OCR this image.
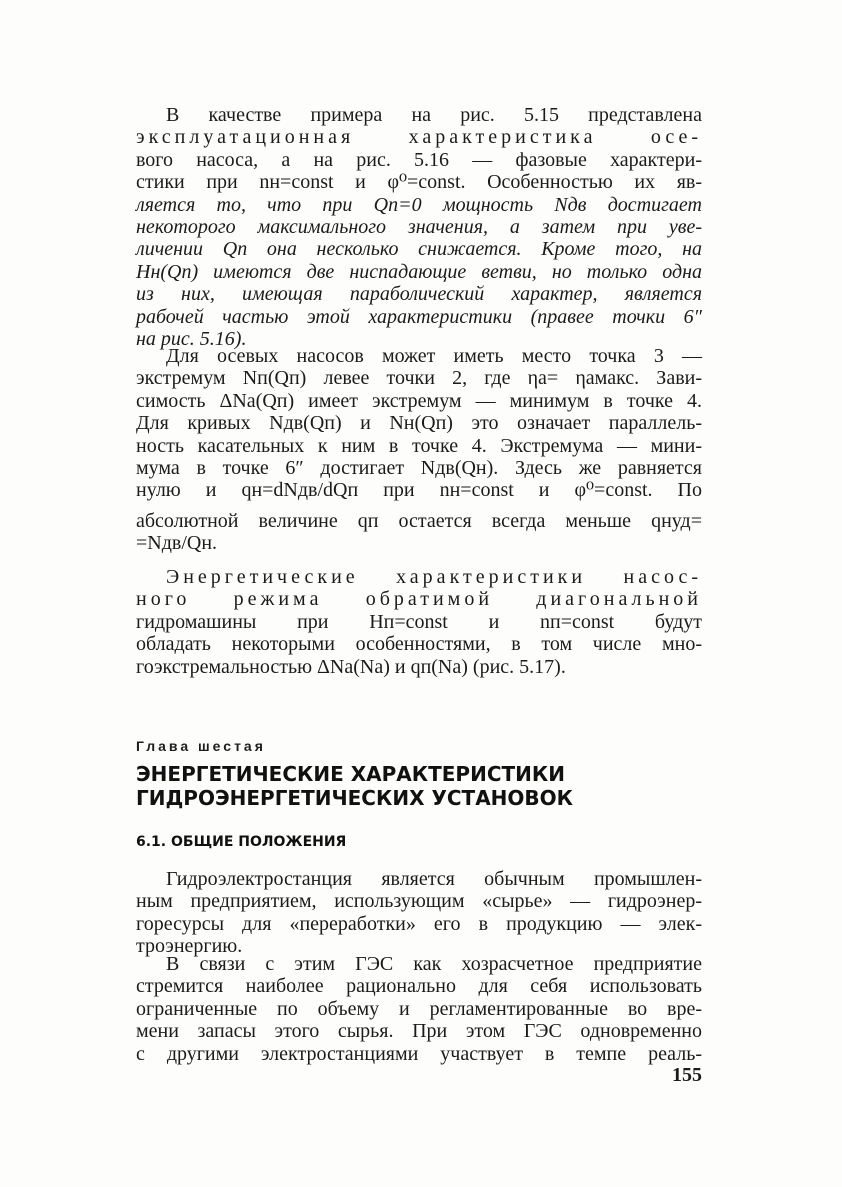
В качестве примера на рис. 5.15 представлена
эксплуатационная характеристика осе-
вого насоса, а на рис. 5.16 — фазовые характери-
стики при nн=const и φ⁰=const. Особенностью их яв-
ляется то, что при Qп=0 мощность Nдв достигает
некоторого максимального значения, а затем при уве-
личении Qп она несколько снижается. Кроме того, на
Hн(Qп) имеются две ниспадающие ветви, но только одна
из них, имеющая параболический характер, является
рабочей частью этой характеристики (правее точки 6″
на рис. 5.16).
Для осевых насосов может иметь место точка 3 —
экстремум Nп(Qп) левее точки 2, где ηа= ηамакс. Зави-
симость ΔNа(Qп) имеет экстремум — минимум в точке 4.
Для кривых Nдв(Qп) и Nн(Qп) это означает параллель-
ность касательных к ним в точке 4. Экстремума — мини-
мума в точке 6″ достигает Nдв(Qн). Здесь же равняется
нулю и qн=dNдв/dQп при nн=const и φ⁰=const. По
абсолютной величине qп остается всегда меньше qнуд=
=Nдв/Qн.
Энергетические характеристики насос-
ного режима обратимой диагональной
гидромашины при Hп=const и nп=const будут
обладать некоторыми особенностями, в том числе мно-
гоэкстремальностью ΔNа(Nа) и qп(Nа) (рис. 5.17).
Глава шестая
ЭНЕРГЕТИЧЕСКИЕ ХАРАКТЕРИСТИКИ
ГИДРОЭНЕРГЕТИЧЕСКИХ УСТАНОВОК
6.1. ОБЩИЕ ПОЛОЖЕНИЯ
Гидроэлектростанция является обычным промышлен-
ным предприятием, использующим «сырье» — гидроэнер-
горесурсы для «переработки» его в продукцию — элек-
троэнергию.
В связи с этим ГЭС как хозрасчетное предприятие
стремится наиболее рационально для себя использовать
ограниченные по объему и регламентированные во вре-
мени запасы этого сырья. При этом ГЭС одновременно
с другими электростанциями участвует в темпе реаль-
155
